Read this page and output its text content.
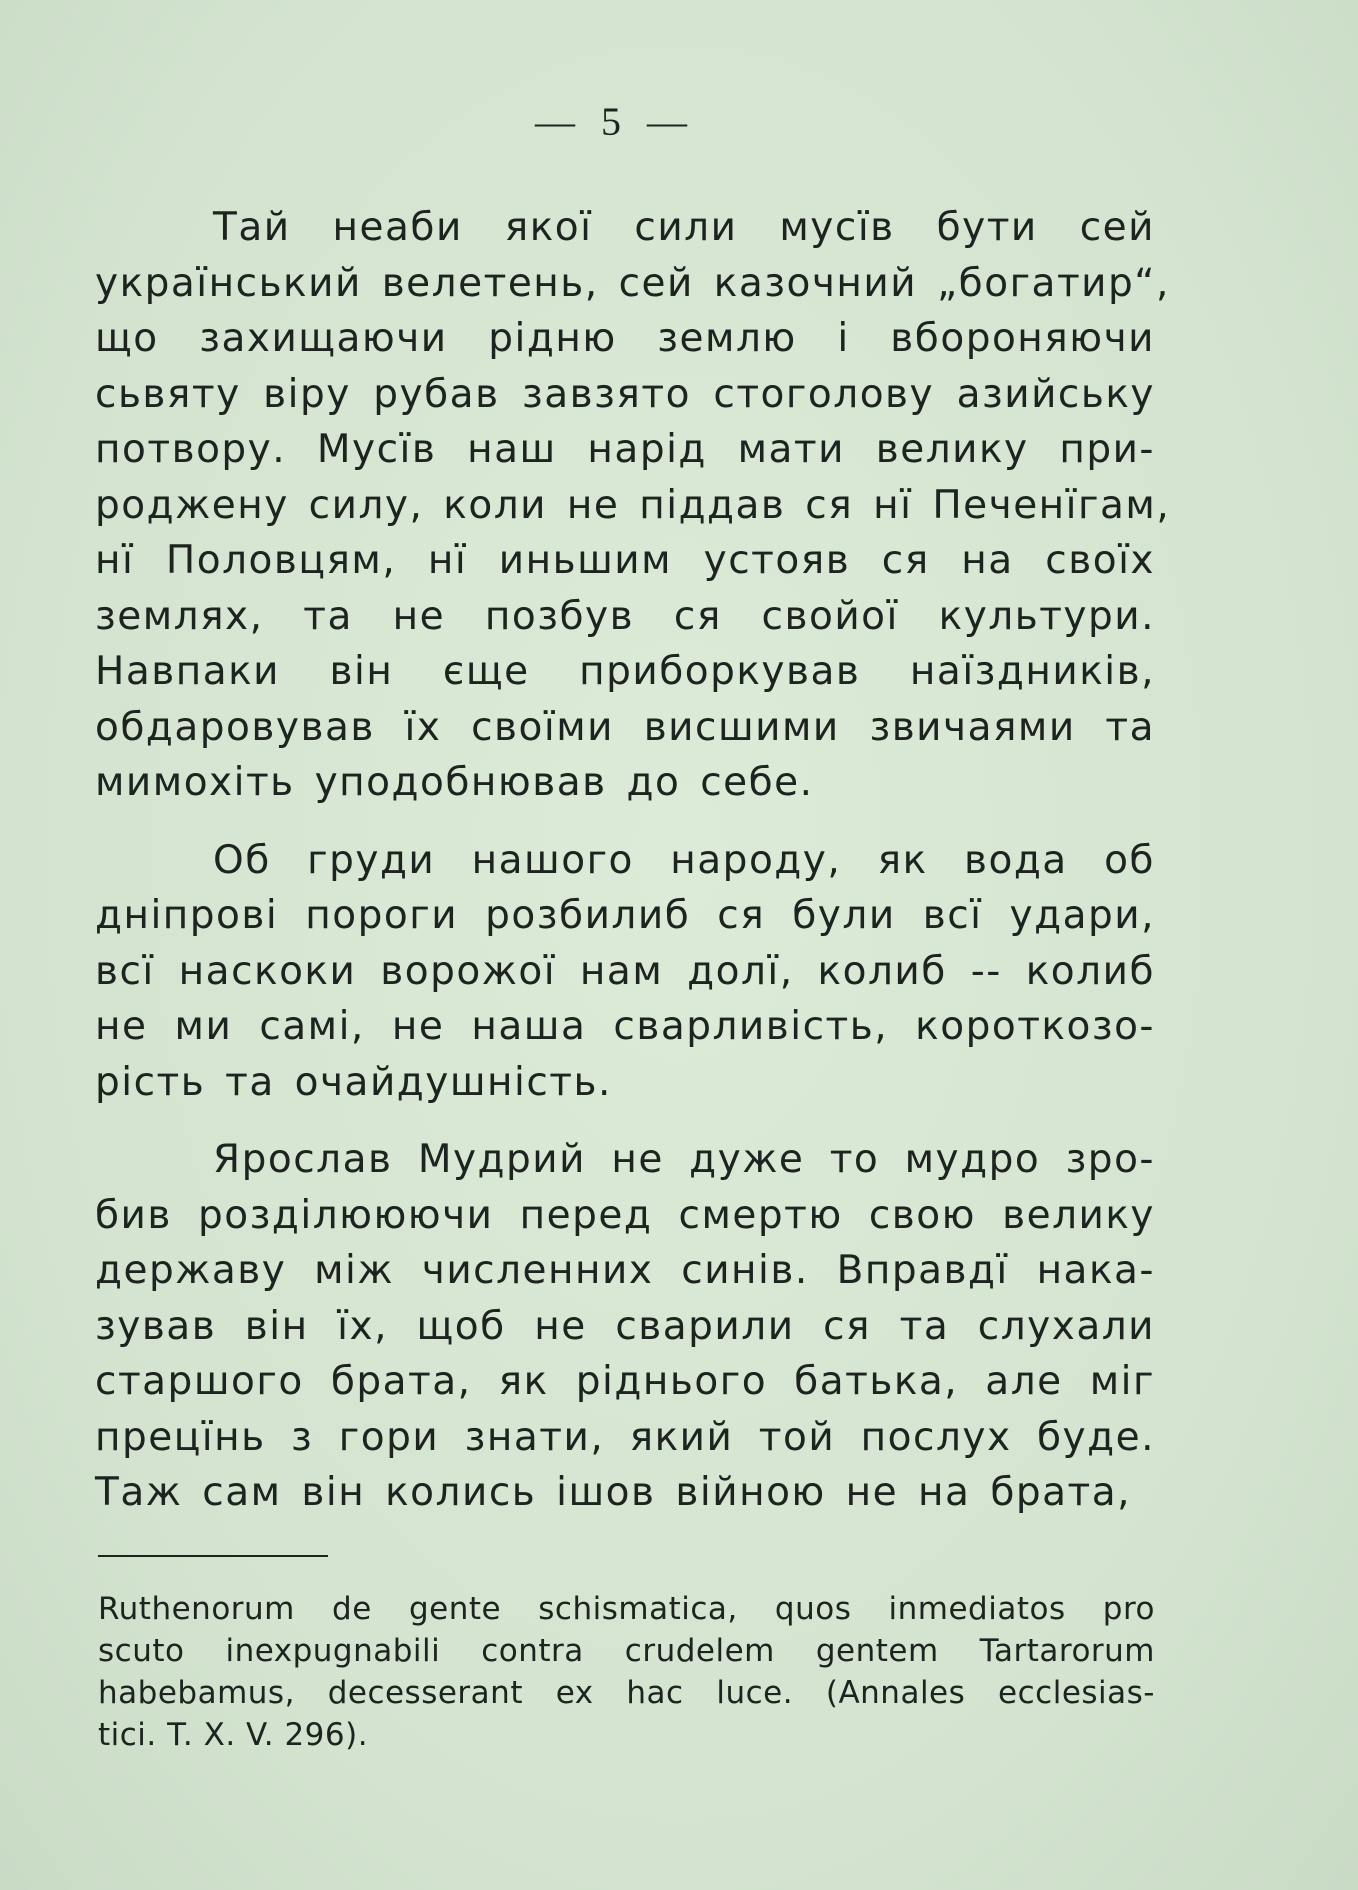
— 5 —
Тай неаби якої сили мусїв бути сей
український велетень, сей казочний „богатир“,
що захищаючи рідню землю і вбороняючи
сьвяту віру рубав завзято стоголову азийську
потвору. Мусїв наш нарід мати велику при-
роджену силу, коли не піддав ся нї Печенїгам,
нї Половцям, нї иньшим устояв ся на своїх
землях, та не позбув ся свойої культури.
Навпаки він єще приборкував наїздників,
обдаровував їх своїми висшими звичаями та
мимохіть уподобнював до себе.
Об груди нашого народу, як вода об
дніпрові пороги розбилиб ся були всї удари,
всї наскоки ворожої нам долї, колиб -- колиб
не ми самі, не наша сварливість, короткозо-
рість та очайдушність.
Ярослав Мудрий не дуже то мудро зро-
бив розділююючи перед смертю свою велику
державу між численних синів. Вправдї нака-
зував він їх, щоб не сварили ся та слухали
старшого брата, як ріднього батька, але міг
прецїнь з гори знати, який той послух буде.
Таж сам він колись ішов війною не на брата,
Ruthenorum de gente schismatica, quos inmediatos pro
scuto inexpugnabili contra crudelem gentem Tartarorum
habebamus, decesserant ex hac luce. (Annales ecclesias-
tici. T. X. V. 296).
